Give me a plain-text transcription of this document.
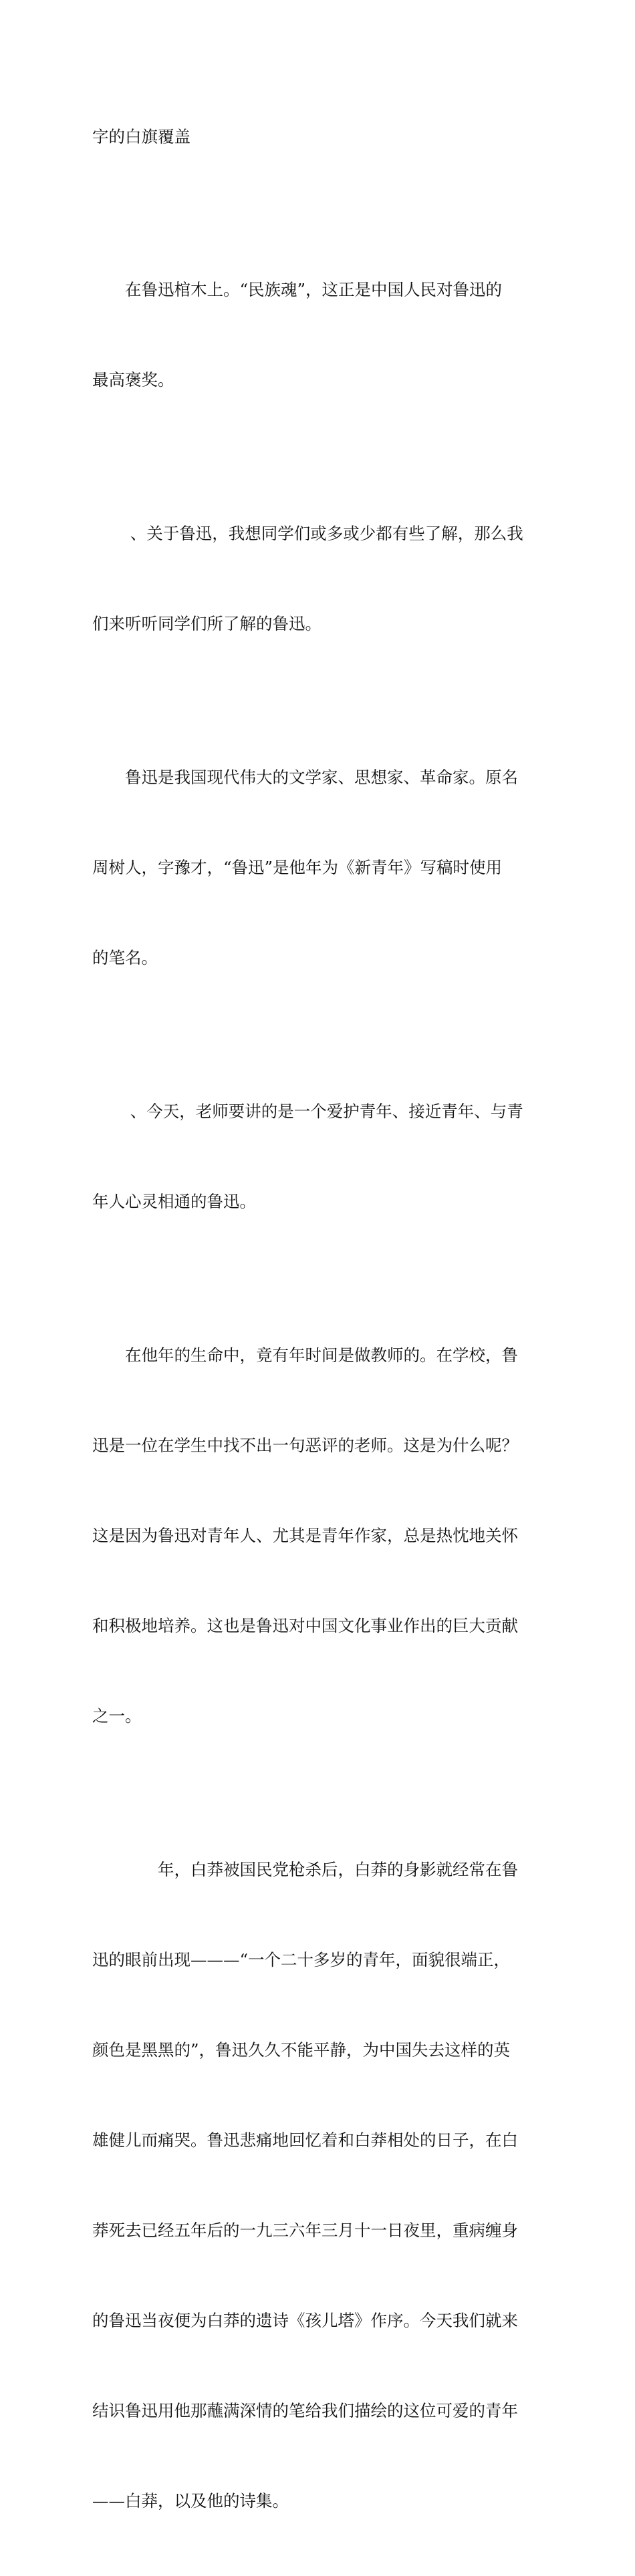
字的白旗覆盖

　　在鲁迅棺木上。“民族魂”，这正是中国人民对鲁迅的

最高褒奖。

　　 、关于鲁迅，我想同学们或多或少都有些了解，那么我

们来听听同学们所了解的鲁迅。

　　鲁迅是我国现代伟大的文学家、思想家、革命家。原名

周树人，字豫才，“鲁迅”是他年为《新青年》写稿时使用

的笔名。

　　 、今天，老师要讲的是一个爱护青年、接近青年、与青

年人心灵相通的鲁迅。

　　在他年的生命中，竟有年时间是做教师的。在学校，鲁

迅是一位在学生中找不出一句恶评的老师。这是为什么呢？

这是因为鲁迅对青年人、尤其是青年作家，总是热忱地关怀

和积极地培养。这也是鲁迅对中国文化事业作出的巨大贡献

之一。

　　　　年，白莽被国民党枪杀后，白莽的身影就经常在鲁

迅的眼前出现———“一个二十多岁的青年，面貌很端正，

颜色是黑黑的”，鲁迅久久不能平静，为中国失去这样的英

雄健儿而痛哭。鲁迅悲痛地回忆着和白莽相处的日子，在白

莽死去已经五年后的一九三六年三月十一日夜里，重病缠身

的鲁迅当夜便为白莽的遗诗《孩儿塔》作序。今天我们就来

结识鲁迅用他那蘸满深情的笔给我们描绘的这位可爱的青年

——白莽，以及他的诗集。
